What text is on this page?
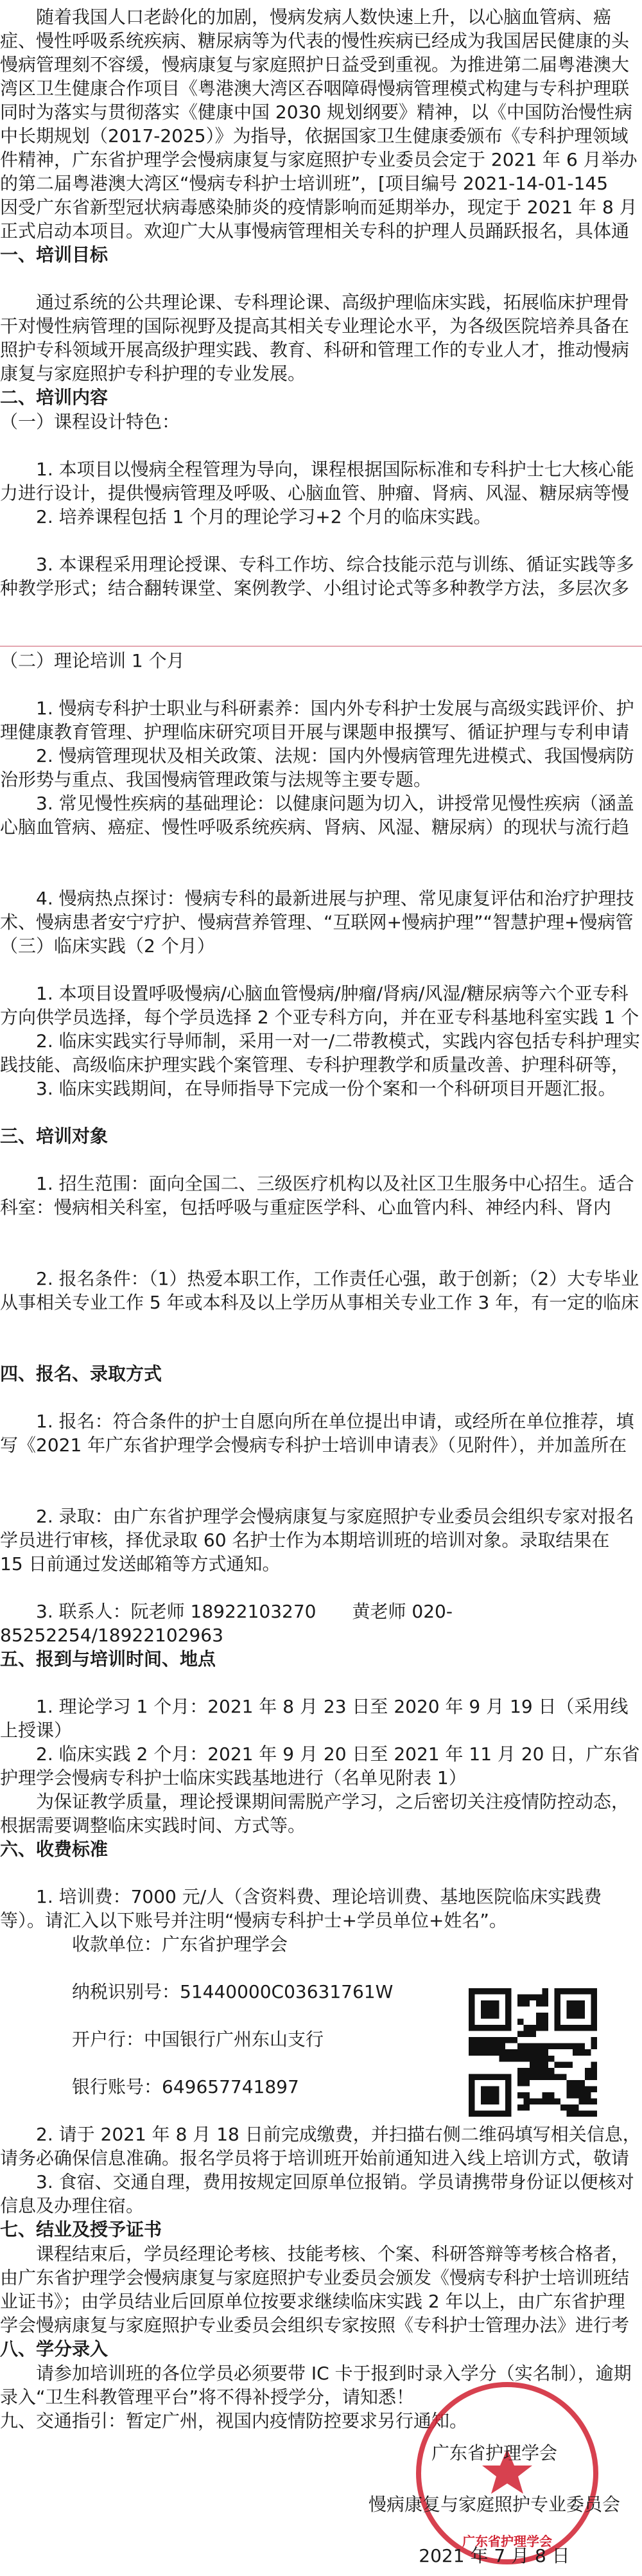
　　随着我国人口老龄化的加剧，慢病发病人数快速上升，以心脑血管病、癌症、慢性呼吸系统疾病、糖尿病等为代表的慢性疾病已经成为我国居民健康的头

慢病管理刻不容缓，慢病康复与家庭照护日益受到重视。为推进第二届粤港澳大湾区卫生健康合作项目《粤港澳大湾区吞咽障碍慢病管理模式构建与专科护理联

同时为落实与贯彻落实《健康中国 2030 规划纲要》精神，以《中国防治慢性病中长期规划（2017-2025）》为指导，依据国家卫生健康委颁布《专科护理领域

件精神，广东省护理学会慢病康复与家庭照护专业委员会定于 2021 年 6 月举办的第二届粤港澳大湾区“慢病专科护士培训班”，[项目编号 2021-14-01-145

因受广东省新型冠状病毒感染肺炎的疫情影响而延期举办，现定于 2021 年 8 月正式启动本项目。欢迎广大从事慢病管理相关专科的护理人员踊跃报名，具体通

一、培训目标

　　通过系统的公共理论课、专科理论课、高级护理临床实践，拓展临床护理骨干对慢性病管理的国际视野及提高其相关专业理论水平，为各级医院培养具备在

照护专科领域开展高级护理实践、教育、科研和管理工作的专业人才，推动慢病康复与家庭照护专科护理的专业发展。

二、培训内容

（一）课程设计特色：

　　1. 本项目以慢病全程管理为导向，课程根据国际标准和专科护士七大核心能力进行设计，提供慢病管理及呼吸、心脑血管、肿瘤、肾病、风湿、糖尿病等慢

　　2. 培养课程包括 1 个月的理论学习+2 个月的临床实践。

　　3. 本课程采用理论授课、专科工作坊、综合技能示范与训练、循证实践等多种教学形式；结合翻转课堂、案例教学、小组讨论式等多种教学方法，多层次多

（二）理论培训 1 个月

　　1. 慢病专科护士职业与科研素养：国内外专科护士发展与高级实践评价、护理健康教育管理、护理临床研究项目开展与课题申报撰写、循证护理与专利申请

　　2. 慢病管理现状及相关政策、法规：国内外慢病管理先进模式、我国慢病防治形势与重点、我国慢病管理政策与法规等主要专题。

　　3. 常见慢性疾病的基础理论：以健康问题为切入，讲授常见慢性疾病（涵盖心脑血管病、癌症、慢性呼吸系统疾病、肾病、风湿、糖尿病）的现状与流行趋

　　4. 慢病热点探讨：慢病专科的最新进展与护理、常见康复评估和治疗护理技术、慢病患者安宁疗护、慢病营养管理、“互联网+慢病护理”“智慧护理+慢病管

（三）临床实践（2 个月）

　　1. 本项目设置呼吸慢病/心脑血管慢病/肿瘤/肾病/风湿/糖尿病等六个亚专科方向供学员选择，每个学员选择 2 个亚专科方向，并在亚专科基地科室实践 1 个

　　2. 临床实践实行导师制，采用一对一/二带教模式，实践内容包括专科护理实践技能、高级临床护理实践个案管理、专科护理教学和质量改善、护理科研等，

　　3. 临床实践期间，在导师指导下完成一份个案和一个科研项目开题汇报。

三、培训对象

　　1. 招生范围：面向全国二、三级医疗机构以及社区卫生服务中心招生。适合科室：慢病相关科室，包括呼吸与重症医学科、心血管内科、神经内科、肾内

　　2. 报名条件：（1）热爱本职工作，工作责任心强，敢于创新；（2）大专毕业从事相关专业工作 5 年或本科及以上学历从事相关专业工作 3 年，有一定的临床

四、报名、录取方式

　　1. 报名：符合条件的护士自愿向所在单位提出申请，或经所在单位推荐，填写《2021 年广东省护理学会慢病专科护士培训申请表》（见附件），并加盖所在

　　2. 录取：由广东省护理学会慢病康复与家庭照护专业委员会组织专家对报名学员进行审核，择优录取 60 名护士作为本期培训班的培训对象。录取结果在

15 日前通过发送邮箱等方式通知。

　　3. 联系人：阮老师 18922103270　　黄老师 020-85252254/18922102963

五、报到与培训时间、地点

　　1. 理论学习 1 个月：2021 年 8 月 23 日至 2020 年 9 月 19 日（采用线上授课）

　　2. 临床实践 2 个月：2021 年 9 月 20 日至 2021 年 11 月 20 日，广东省护理学会慢病专科护士临床实践基地进行（名单见附表 1）

　　为保证教学质量，理论授课期间需脱产学习，之后密切关注疫情防控动态，根据需要调整临床实践时间、方式等。

六、收费标准

　　1. 培训费：7000 元/人（含资料费、理论培训费、基地医院临床实践费等）。请汇入以下账号并注明“慢病专科护士+学员单位+姓名”。

　　　　收款单位：广东省护理学会

　　　　纳税识别号：51440000C03631761W

　　　　开户行：中国银行广州东山支行

　　　　银行账号：649657741897

　　2. 请于 2021 年 8 月 18 日前完成缴费，并扫描右侧二维码填写相关信息，请务必确保信息准确。报名学员将于培训班开始前通知进入线上培训方式，敬请

　　3. 食宿、交通自理，费用按规定回原单位报销。学员请携带身份证以便核对信息及办理住宿。

七、结业及授予证书

　　课程结束后，学员经理论考核、技能考核、个案、科研答辩等考核合格者，由广东省护理学会慢病康复与家庭照护专业委员会颁发《慢病专科护士培训班结业证书》；由学员结业后回原单位按要求继续临床实践 2 年以上，由广东省护理学会慢病康复与家庭照护专业委员会组织专家按照《专科护士管理办法》进行考

八、学分录入

　　请参加培训班的各位学员必须要带 IC 卡于报到时录入学分（实名制），逾期录入“卫生科教管理平台”将不得补授学分，请知悉！

九、交通指引：暂定广州，视国内疫情防控要求另行通知。

广东省护理学会

广东省护理学会

慢病康复与家庭照护专业委员会

2021 年 7 月 8 日
